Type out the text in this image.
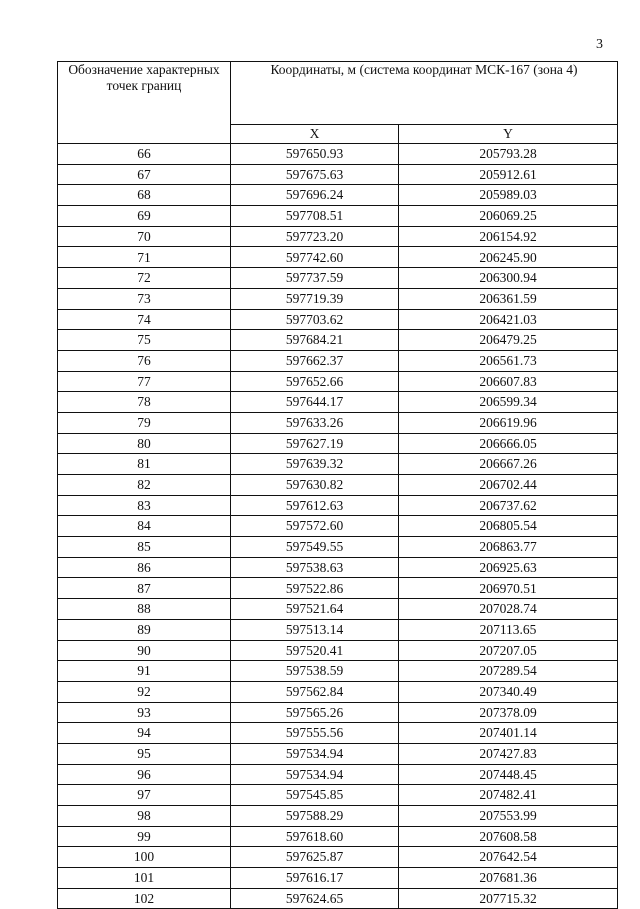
3
Обозначение характерных точек границ	Координаты, м (система координат МСК-167 (зона 4)	
	X	Y
66	597650.93	205793.28
67	597675.63	205912.61
68	597696.24	205989.03
69	597708.51	206069.25
70	597723.20	206154.92
71	597742.60	206245.90
72	597737.59	206300.94
73	597719.39	206361.59
74	597703.62	206421.03
75	597684.21	206479.25
76	597662.37	206561.73
77	597652.66	206607.83
78	597644.17	206599.34
79	597633.26	206619.96
80	597627.19	206666.05
81	597639.32	206667.26
82	597630.82	206702.44
83	597612.63	206737.62
84	597572.60	206805.54
85	597549.55	206863.77
86	597538.63	206925.63
87	597522.86	206970.51
88	597521.64	207028.74
89	597513.14	207113.65
90	597520.41	207207.05
91	597538.59	207289.54
92	597562.84	207340.49
93	597565.26	207378.09
94	597555.56	207401.14
95	597534.94	207427.83
96	597534.94	207448.45
97	597545.85	207482.41
98	597588.29	207553.99
99	597618.60	207608.58
100	597625.87	207642.54
101	597616.17	207681.36
102	597624.65	207715.32
